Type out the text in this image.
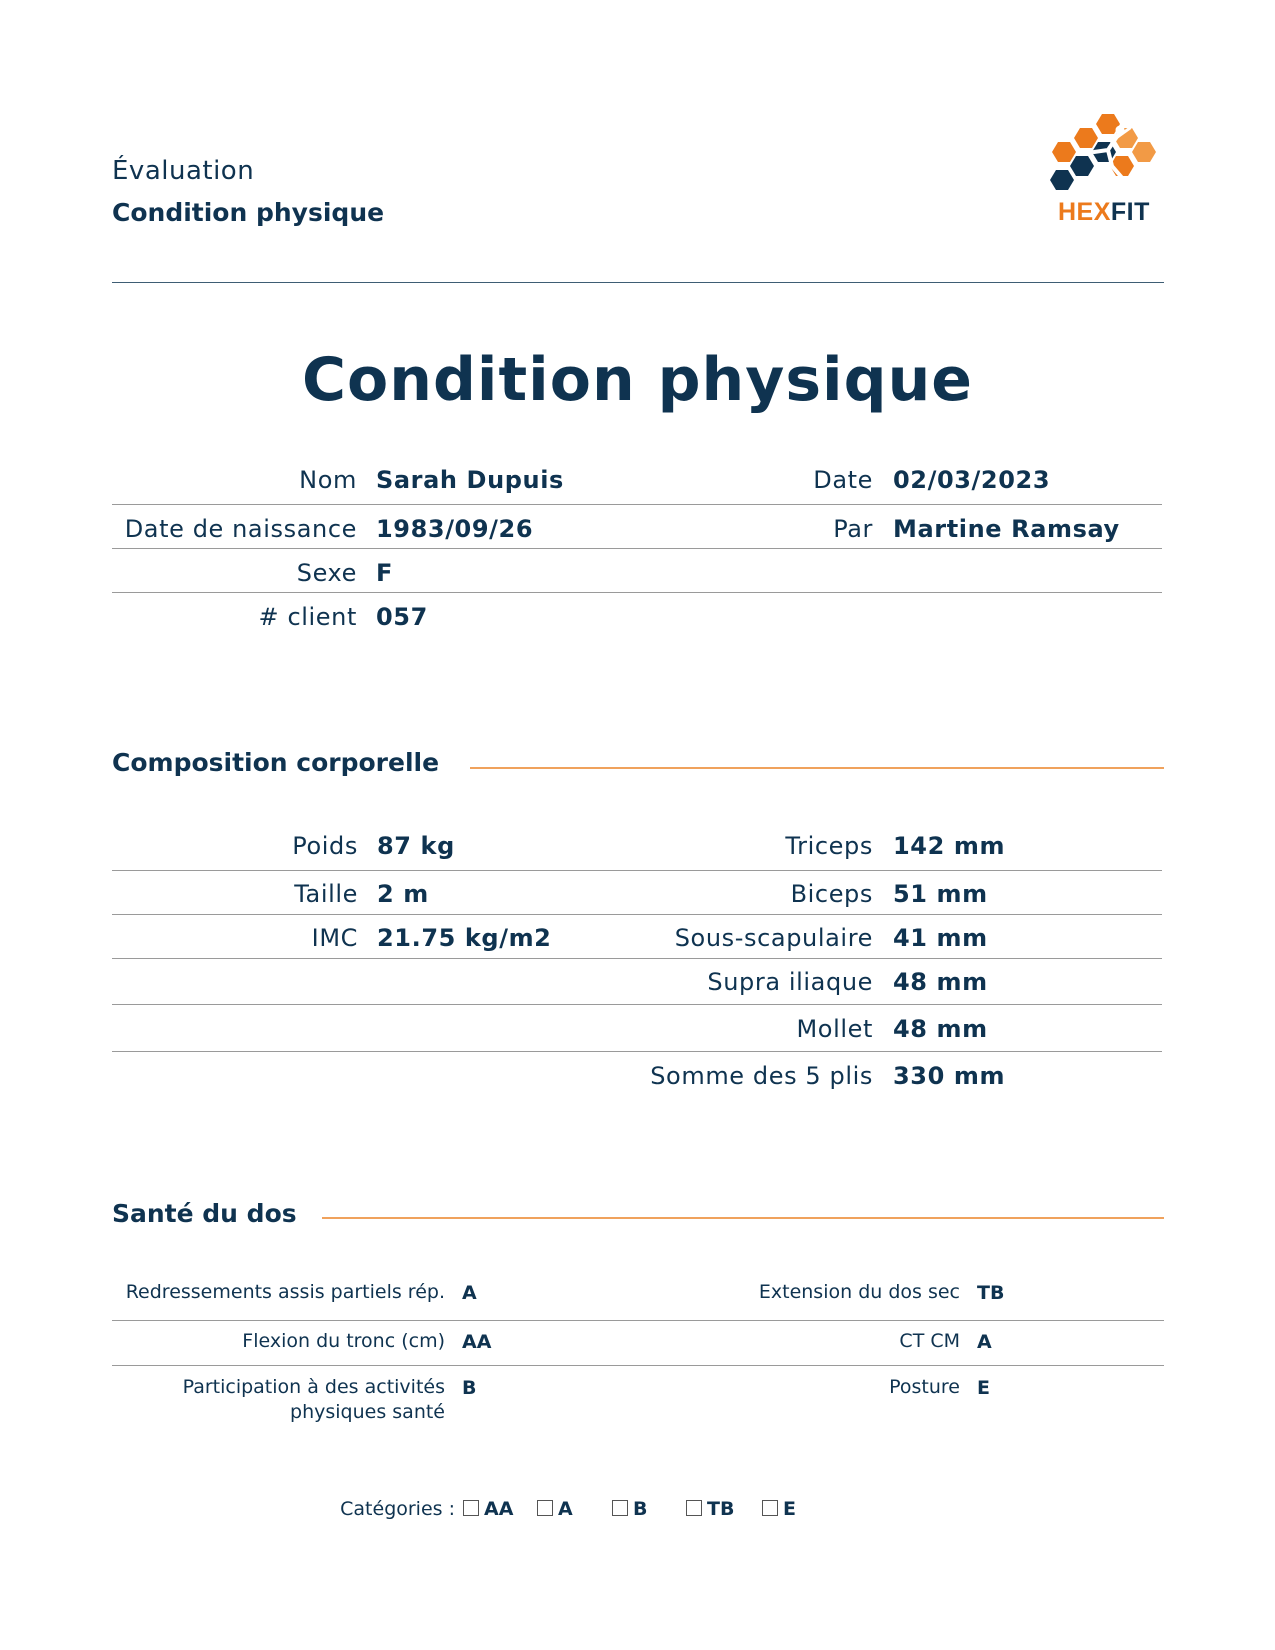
Évaluation
Condition physique	HEXFIT
Condition physique
Nom Sarah Dupuis	Date 02/03/2023
Date de naissance 1983/09/26	Par Martine Ramsay
Sexe F
# client 057
Composition corporelle
Poids 87 kg	Triceps 142 mm
Taille 2 m	Biceps 51 mm
IMC 21.75 kg/m2	Sous-scapulaire 41 mm
Supra iliaque 48 mm
Mollet 48 mm
Somme des 5 plis 330 mm
Santé du dos
Redressements assis partiels rép. A	Extension du dos sec TB
Flexion du tronc (cm) AA	CT CM A
Participation à des activités
physiques santé
B	Posture E
Catégories :	AA	A	B	TB	E
